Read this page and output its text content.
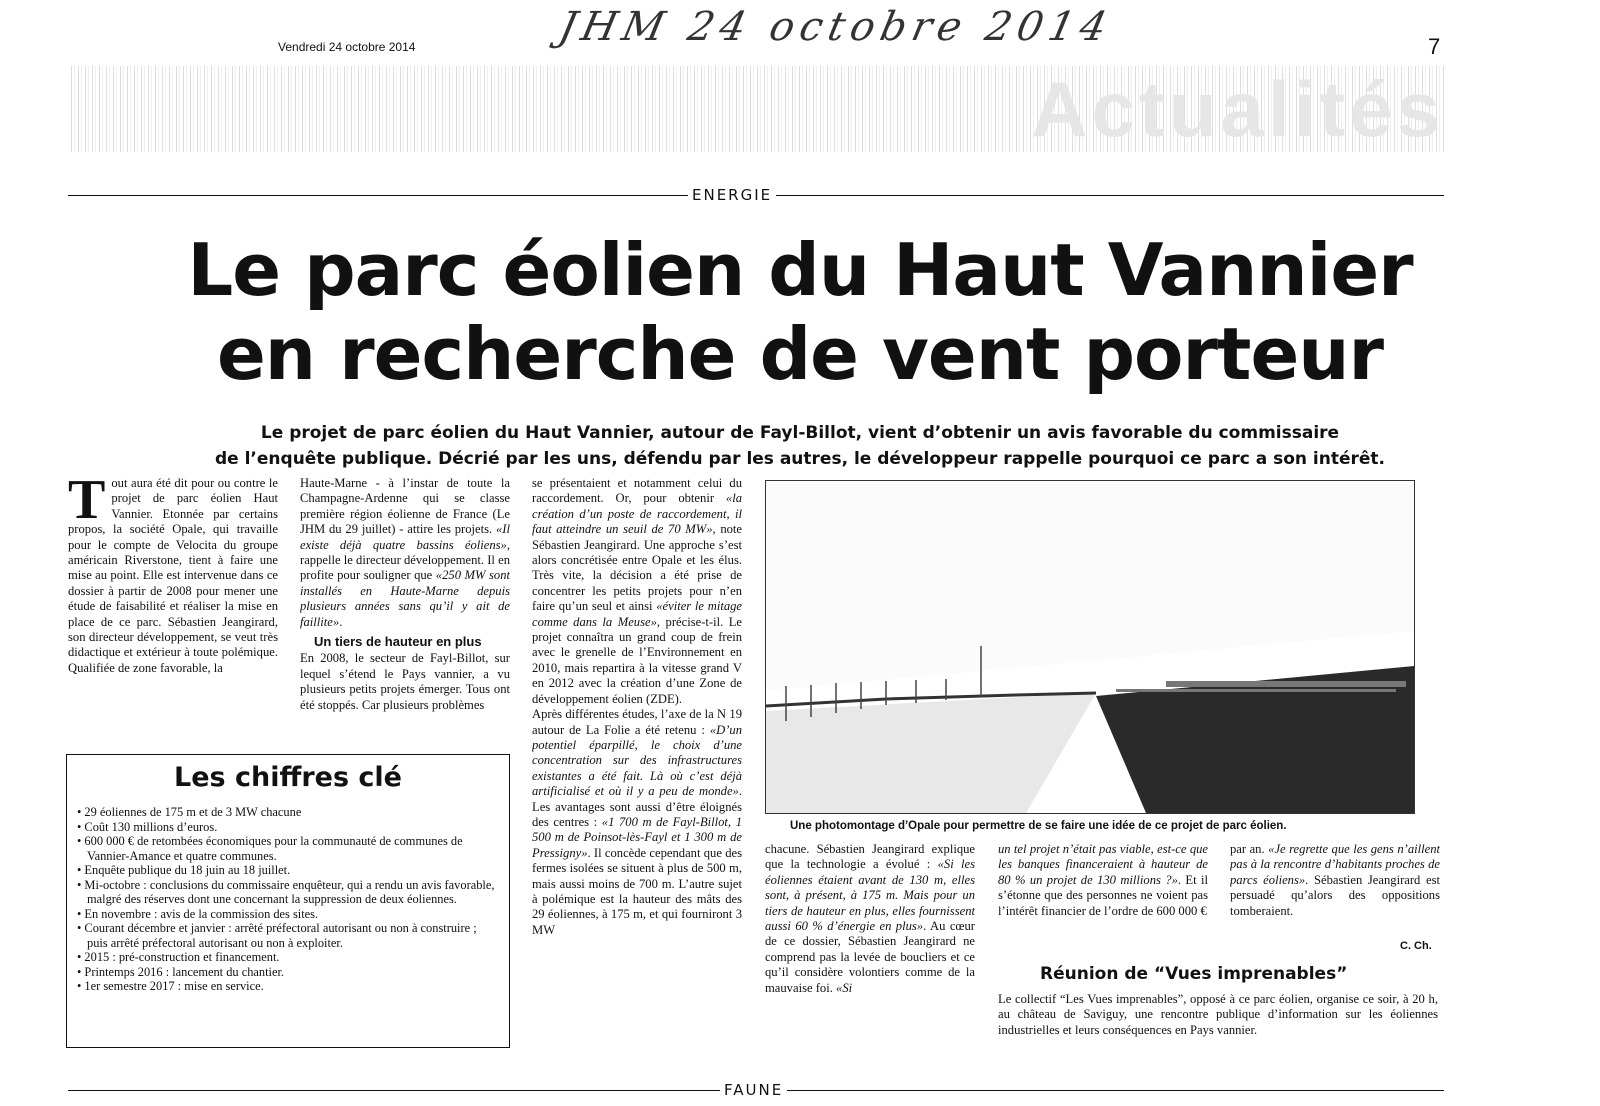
JHM 24 octobre 2014
Vendredi 24 octobre 2014	7
Actualités
ENERGIE
Le parc éolien du Haut Vannier
en recherche de vent porteur
Le projet de parc éolien du Haut Vannier, autour de Fayl-Billot, vient d’obtenir un avis favorable du commissaire
de l’enquête publique. Décrié par les uns, défendu par les autres, le développeur rappelle pourquoi ce parc a son intérêt.
Tout aura été dit pour ou contre le projet de parc éolien Haut Vannier. Etonnée par certains propos, la société Opale, qui travaille pour le compte de Velocita du groupe américain Riverstone, tient à faire une mise au point. Elle est intervenue dans ce dossier à partir de 2008 pour mener une étude de faisabilité et réaliser la mise en place de ce parc. Sébastien Jeangirard, son directeur développement, se veut très didactique et extérieur à toute polémique. Qualifiée de zone favorable, la

Haute-Marne - à l’instar de toute la Champagne-Ardenne qui se classe première région éolienne de France (Le JHM du 29 juillet) - attire les projets. «Il existe déjà quatre bassins éoliens», rappelle le directeur développement. Il en profite pour souligner que «250 MW sont installés en Haute-Marne depuis plusieurs années sans qu’il y ait de faillite».

Un tiers de hauteur en plus

En 2008, le secteur de Fayl-Billot, sur lequel s’étend le Pays vannier, a vu plusieurs petits projets émerger. Tous ont été stoppés. Car plusieurs problèmes

se présentaient et notamment celui du raccordement. Or, pour obtenir «la création d’un poste de raccordement, il faut atteindre un seuil de 70 MW», note Sébastien Jeangirard. Une approche s’est alors concrétisée entre Opale et les élus. Très vite, la décision a été prise de concentrer les petits projets pour n’en faire qu’un seul et ainsi «éviter le mitage comme dans la Meuse», précise-t-il. Le projet connaîtra un grand coup de frein avec le grenelle de l’Environnement en 2010, mais repartira à la vitesse grand V en 2012 avec la création d’une Zone de développement éolien (ZDE).

Après différentes études, l’axe de la N 19 autour de La Folie a été retenu : «D’un potentiel éparpillé, le choix d’une concentration sur des infrastructures existantes a été fait. Là où c’est déjà artificialisé et où il y a peu de monde». Les avantages sont aussi d’être éloignés des centres : «1 700 m de Fayl-Billot, 1 500 m de Poinsot-lès-Fayl et 1 300 m de Pressigny». Il concède cependant que des fermes isolées se situent à plus de 500 m, mais aussi moins de 700 m. L’autre sujet à polémique est la hauteur des mâts des 29 éoliennes, à 175 m, et qui fourniront 3 MW

Une photomontage d’Opale pour permettre de se faire une idée de ce projet de parc éolien.

chacune. Sébastien Jeangirard explique que la technologie a évolué : «Si les éoliennes étaient avant de 130 m, elles sont, à présent, à 175 m. Mais pour un tiers de hauteur en plus, elles fournissent aussi 60 % d’énergie en plus». Au cœur de ce dossier, Sébastien Jeangirard ne comprend pas la levée de boucliers et ce qu’il considère volontiers comme de la mauvaise foi. «Si

un tel projet n’était pas viable, est-ce que les banques financeraient à hauteur de 80 % un projet de 130 millions ?». Et il s’étonne que des personnes ne voient pas l’intérêt financier de l’ordre de 600 000 €

par an. «Je regrette que les gens n’aillent pas à la rencontre d’habitants proches de parcs éoliens». Sébastien Jeangirard est persuadé qu’alors des oppositions tomberaient.

C. Ch.
Réunion de “Vues imprenables”
Le collectif “Les Vues imprenables”, opposé à ce parc éolien, organise ce soir, à 20 h, au château de Saviguy, une rencontre publique d’information sur les éoliennes industrielles et leurs conséquences en Pays vannier.
Les chiffres clé
• 29 éoliennes de 175 m et de 3 MW chacune
• Coût 130 millions d’euros.
• 600 000 € de retombées économiques pour la communauté de communes de Vannier-Amance et quatre communes.
• Enquête publique du 18 juin au 18 juillet.
• Mi-octobre : conclusions du commissaire enquêteur, qui a rendu un avis favorable, malgré des réserves dont une concernant la suppression de deux éoliennes.
• En novembre : avis de la commission des sites.
• Courant décembre et janvier : arrêté préfectoral autorisant ou non à construire ; puis arrêté préfectoral autorisant ou non à exploiter.
• 2015 : pré-construction et financement.
• Printemps 2016 : lancement du chantier.
• 1er semestre 2017 : mise en service.
FAUNE
